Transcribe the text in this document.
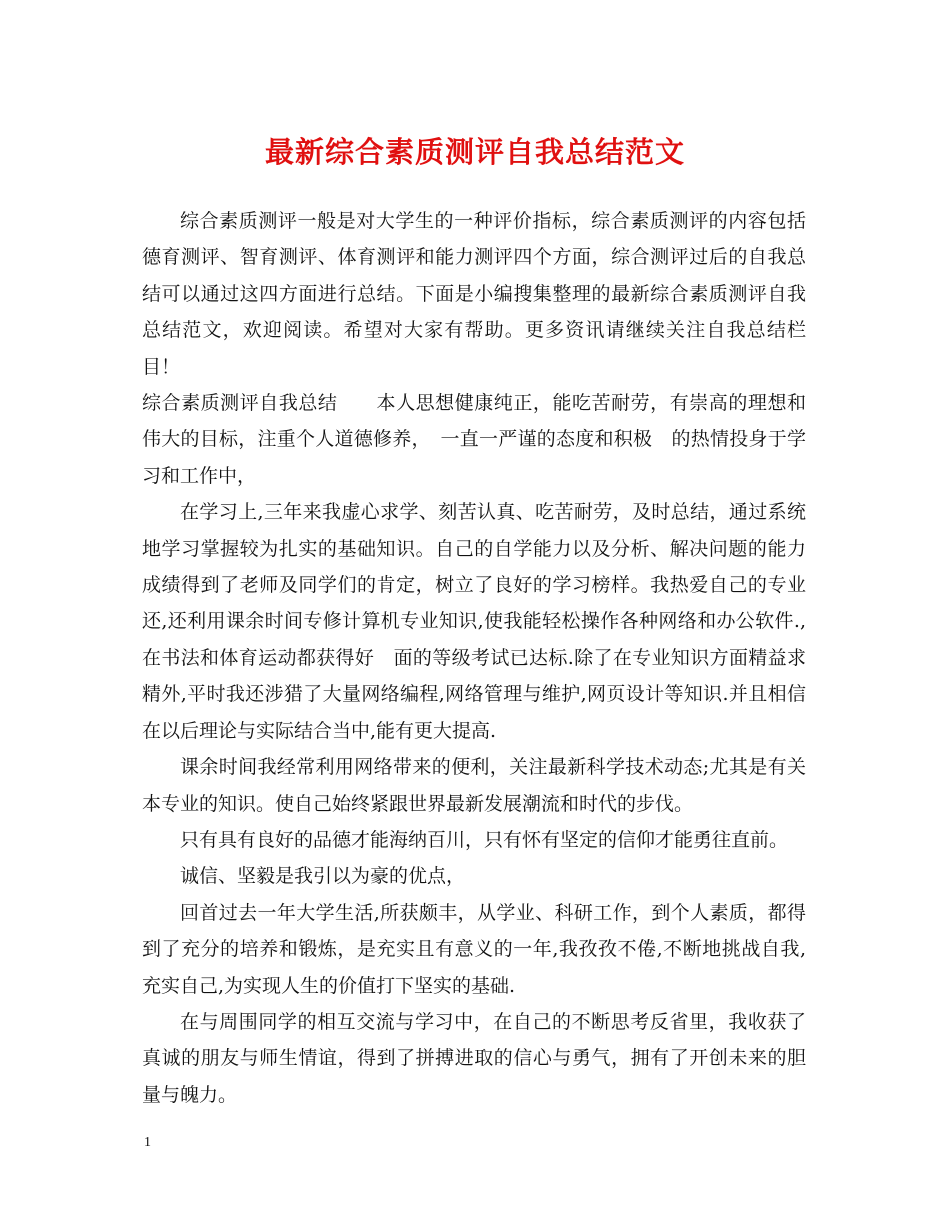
最新综合素质测评自我总结范文

综合素质测评一般是对大学生的一种评价指标，综合素质测评的内容包括德育测评、智育测评、体育测评和能力测评四个方面，综合测评过后的自我总结可以通过这四方面进行总结。下面是小编搜集整理的最新综合素质测评自我总结范文，欢迎阅读。希望对大家有帮助。更多资讯请继续关注自我总结栏目！

综合素质测评自我总结　　本人思想健康纯正，能吃苦耐劳，有崇高的理想和伟大的目标，注重个人道德修养，　一直一严谨的态度和积极　的热情投身于学习和工作中，

在学习上,三年来我虚心求学、刻苦认真、吃苦耐劳，及时总结，通过系统地学习掌握较为扎实的基础知识。自己的自学能力以及分析、解决问题的能力　成绩得到了老师及同学们的肯定，树立了良好的学习榜样。我热爱自己的专业还,还利用课余时间专修计算机专业知识,使我能轻松操作各种网络和办公软件.,在书法和体育运动都获得好　面的等级考试已达标.除了在专业知识方面精益求精外,平时我还涉猎了大量网络编程,网络管理与维护,网页设计等知识.并且相信在以后理论与实际结合当中,能有更大提高.

课余时间我经常利用网络带来的便利，关注最新科学技术动态;尤其是有关本专业的知识。使自己始终紧跟世界最新发展潮流和时代的步伐。

只有具有良好的品德才能海纳百川，只有怀有坚定的信仰才能勇往直前。

诚信、坚毅是我引以为豪的优点，

回首过去一年大学生活,所获颇丰，从学业、科研工作，到个人素质，都得到了充分的培养和锻炼，是充实且有意义的一年,我孜孜不倦,不断地挑战自我,充实自己,为实现人生的价值打下坚实的基础.

在与周围同学的相互交流与学习中，在自己的不断思考反省里，我收获了真诚的朋友与师生情谊，得到了拼搏进取的信心与勇气，拥有了开创未来的胆量与魄力。

1
